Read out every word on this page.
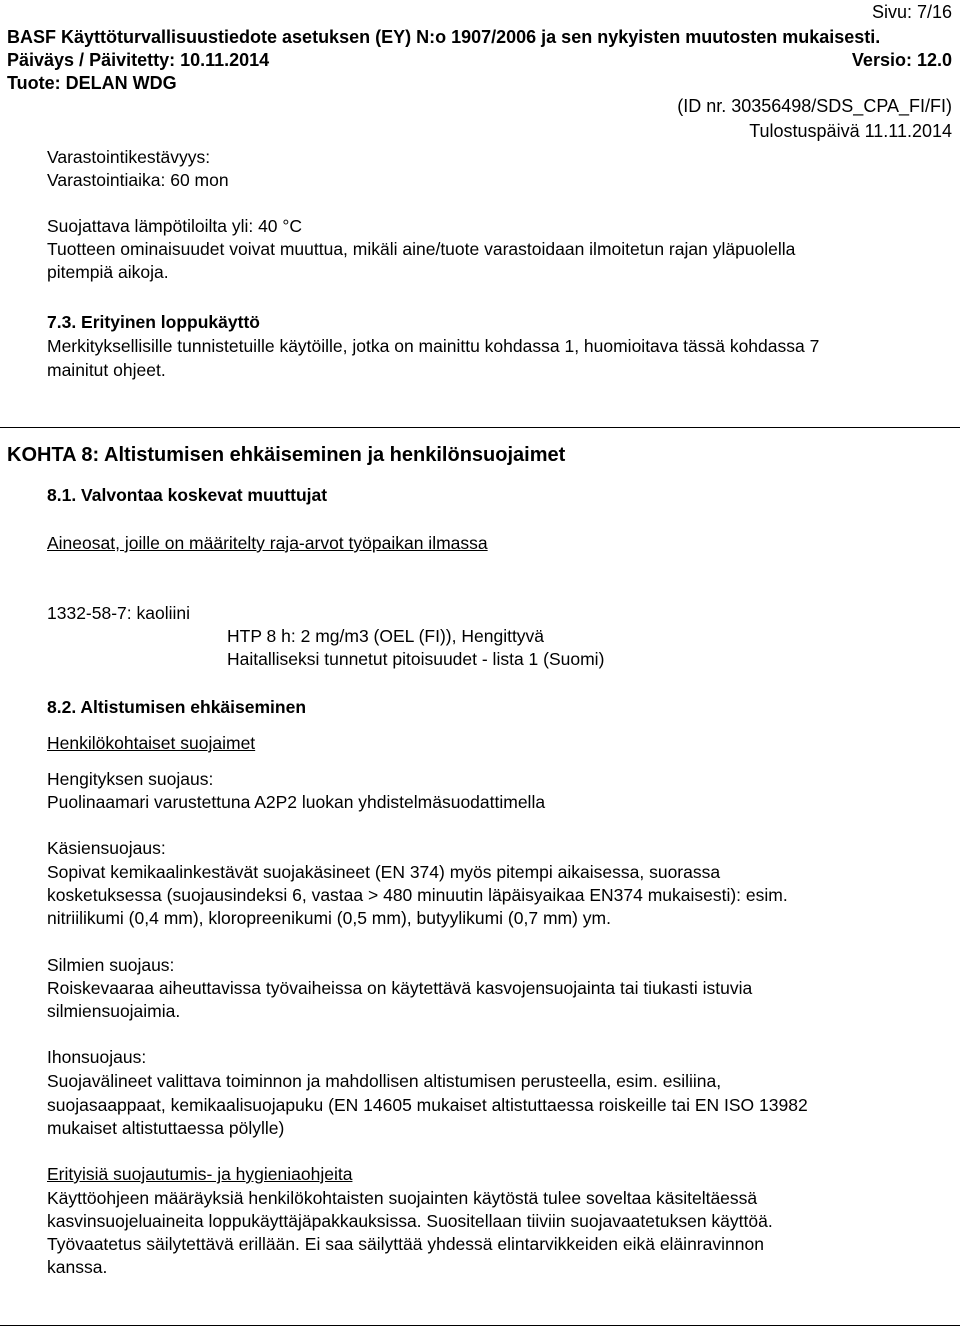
Sivu: 7/16
BASF Käyttöturvallisuustiedote asetuksen (EY) N:o 1907/2006 ja sen nykyisten muutosten mukaisesti.
Päiväys / Päivitetty: 10.11.2014	Versio: 12.0
Tuote: DELAN WDG
(ID nr. 30356498/SDS_CPA_FI/FI)
Tulostuspäivä 11.11.2014
Varastointikestävyys:
Varastointiaika: 60 mon
Suojattava lämpötiloilta yli: 40 °C
Tuotteen ominaisuudet voivat muuttua, mikäli aine/tuote varastoidaan ilmoitetun rajan yläpuolella
pitempiä aikoja.
7.3. Erityinen loppukäyttö
Merkityksellisille tunnistetuille käytöille, jotka on mainittu kohdassa 1, huomioitava tässä kohdassa 7
mainitut ohjeet.
KOHTA 8: Altistumisen ehkäiseminen ja henkilönsuojaimet
8.1. Valvontaa koskevat muuttujat
Aineosat, joille on määritelty raja-arvot työpaikan ilmassa
1332-58-7: kaoliini
HTP 8 h: 2 mg/m3 (OEL (FI)), Hengittyvä
Haitalliseksi tunnetut pitoisuudet - lista 1 (Suomi)
8.2. Altistumisen ehkäiseminen
Henkilökohtaiset suojaimet
Hengityksen suojaus:
Puolinaamari varustettuna A2P2 luokan yhdistelmäsuodattimella
Käsiensuojaus:
Sopivat kemikaalinkestävät suojakäsineet (EN 374) myös pitempi aikaisessa, suorassa
kosketuksessa (suojausindeksi 6, vastaa > 480 minuutin läpäisyaikaa EN374 mukaisesti): esim.
nitriilikumi (0,4 mm), kloropreenikumi (0,5 mm), butyylikumi (0,7 mm) ym.
Silmien suojaus:
Roiskevaaraa aiheuttavissa työvaiheissa on käytettävä kasvojensuojainta tai tiukasti istuvia
silmiensuojaimia.
Ihonsuojaus:
Suojavälineet valittava toiminnon ja mahdollisen altistumisen perusteella, esim. esiliina,
suojasaappaat, kemikaalisuojapuku (EN 14605 mukaiset altistuttaessa roiskeille tai EN ISO 13982
mukaiset altistuttaessa pölylle)
Erityisiä suojautumis- ja hygieniaohjeita
Käyttöohjeen määräyksiä henkilökohtaisten suojainten käytöstä tulee soveltaa käsiteltäessä
kasvinsuojeluaineita loppukäyttäjäpakkauksissa. Suositellaan tiiviin suojavaatetuksen käyttöä.
Työvaatetus säilytettävä erillään. Ei saa säilyttää yhdessä elintarvikkeiden eikä eläinravinnon
kanssa.
